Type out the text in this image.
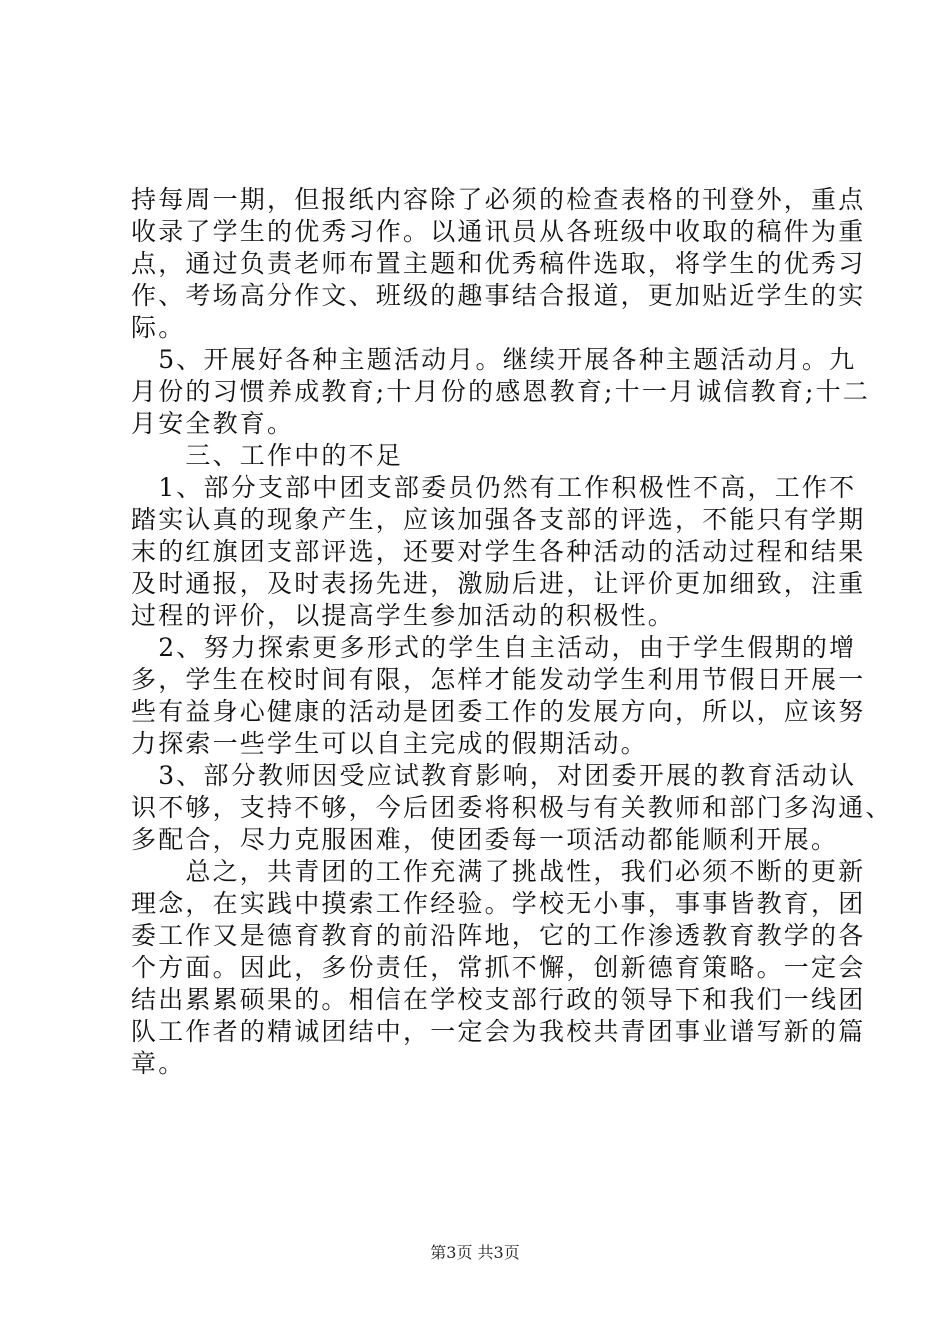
持每周一期，但报纸内容除了必须的检查表格的刊登外，重点
收录了学生的优秀习作。以通讯员从各班级中收取的稿件为重
点，通过负责老师布置主题和优秀稿件选取，将学生的优秀习
作、考场高分作文、班级的趣事结合报道，更加贴近学生的实
际。
　5、开展好各种主题活动月。继续开展各种主题活动月。九
月份的习惯养成教育;十月份的感恩教育;十一月诚信教育;十二
月安全教育。
　　三、工作中的不足
　1、部分支部中团支部委员仍然有工作积极性不高，工作不
踏实认真的现象产生，应该加强各支部的评选，不能只有学期
末的红旗团支部评选，还要对学生各种活动的活动过程和结果
及时通报，及时表扬先进，激励后进，让评价更加细致，注重
过程的评价，以提高学生参加活动的积极性。
　2、努力探索更多形式的学生自主活动，由于学生假期的增
多，学生在校时间有限，怎样才能发动学生利用节假日开展一
些有益身心健康的活动是团委工作的发展方向，所以，应该努
力探索一些学生可以自主完成的假期活动。
　3、部分教师因受应试教育影响，对团委开展的教育活动认
识不够，支持不够，今后团委将积极与有关教师和部门多沟通、
多配合，尽力克服困难，使团委每一项活动都能顺利开展。
　　总之，共青团的工作充满了挑战性，我们必须不断的更新
理念，在实践中摸索工作经验。学校无小事，事事皆教育，团
委工作又是德育教育的前沿阵地，它的工作渗透教育教学的各
个方面。因此，多份责任，常抓不懈，创新德育策略。一定会
结出累累硕果的。相信在学校支部行政的领导下和我们一线团
队工作者的精诚团结中，一定会为我校共青团事业谱写新的篇
章。
第3页 共3页
